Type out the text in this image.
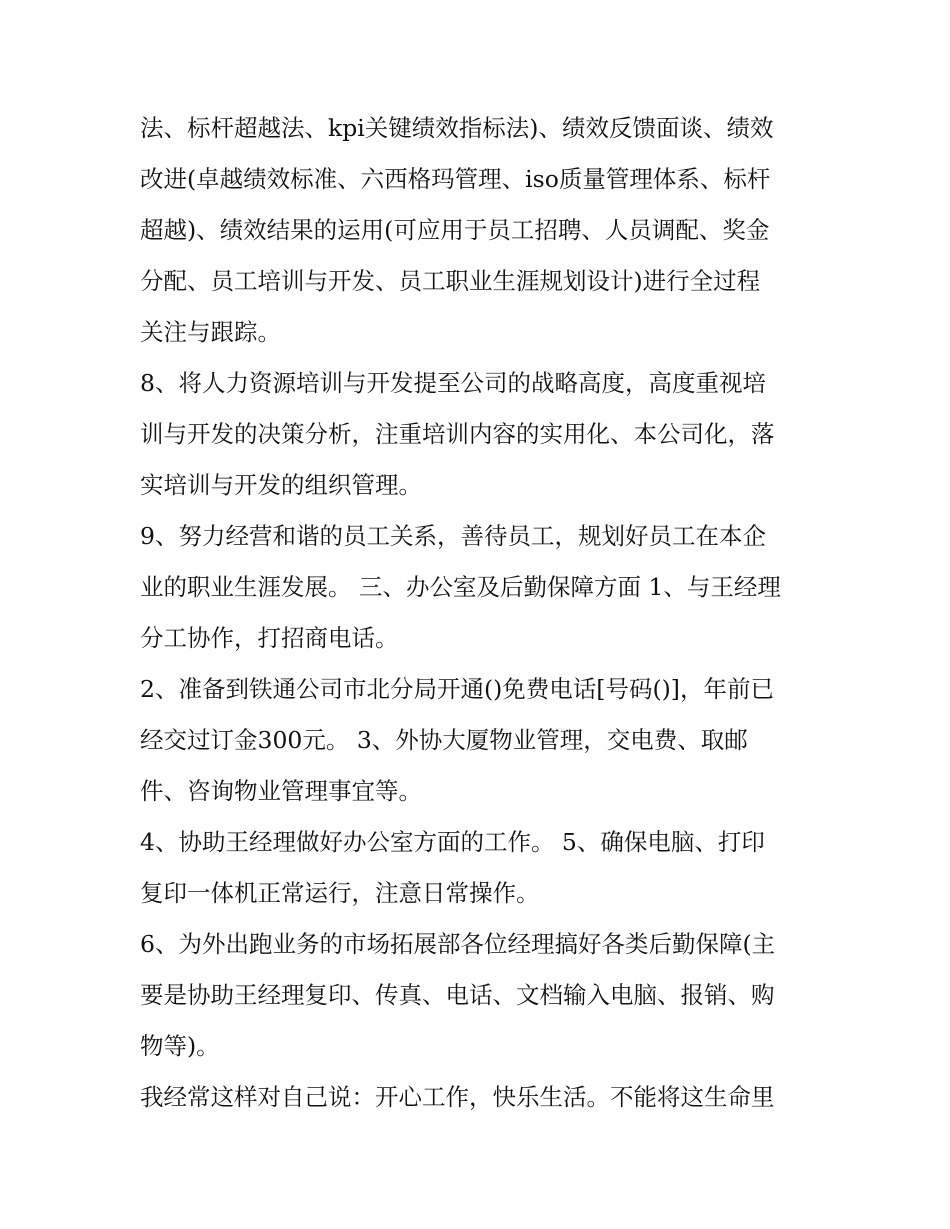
法、标杆超越法、kpi关键绩效指标法)、绩效反馈面谈、绩效
改进(卓越绩效标准、六西格玛管理、iso质量管理体系、标杆
超越)、绩效结果的运用(可应用于员工招聘、人员调配、奖金
分配、员工培训与开发、员工职业生涯规划设计)进行全过程
关注与跟踪。
8、将人力资源培训与开发提至公司的战略高度，高度重视培
训与开发的决策分析，注重培训内容的实用化、本公司化，落
实培训与开发的组织管理。
9、努力经营和谐的员工关系，善待员工，规划好员工在本企
业的职业生涯发展。 三、办公室及后勤保障方面 1、与王经理
分工协作，打招商电话。
2、准备到铁通公司市北分局开通()免费电话[号码()]，年前已
经交过订金300元。 3、外协大厦物业管理，交电费、取邮
件、咨询物业管理事宜等。
4、协助王经理做好办公室方面的工作。 5、确保电脑、打印
复印一体机正常运行，注意日常操作。
6、为外出跑业务的市场拓展部各位经理搞好各类后勤保障(主
要是协助王经理复印、传真、电话、文档输入电脑、报销、购
物等)。
我经常这样对自己说：开心工作，快乐生活。不能将这生命里
